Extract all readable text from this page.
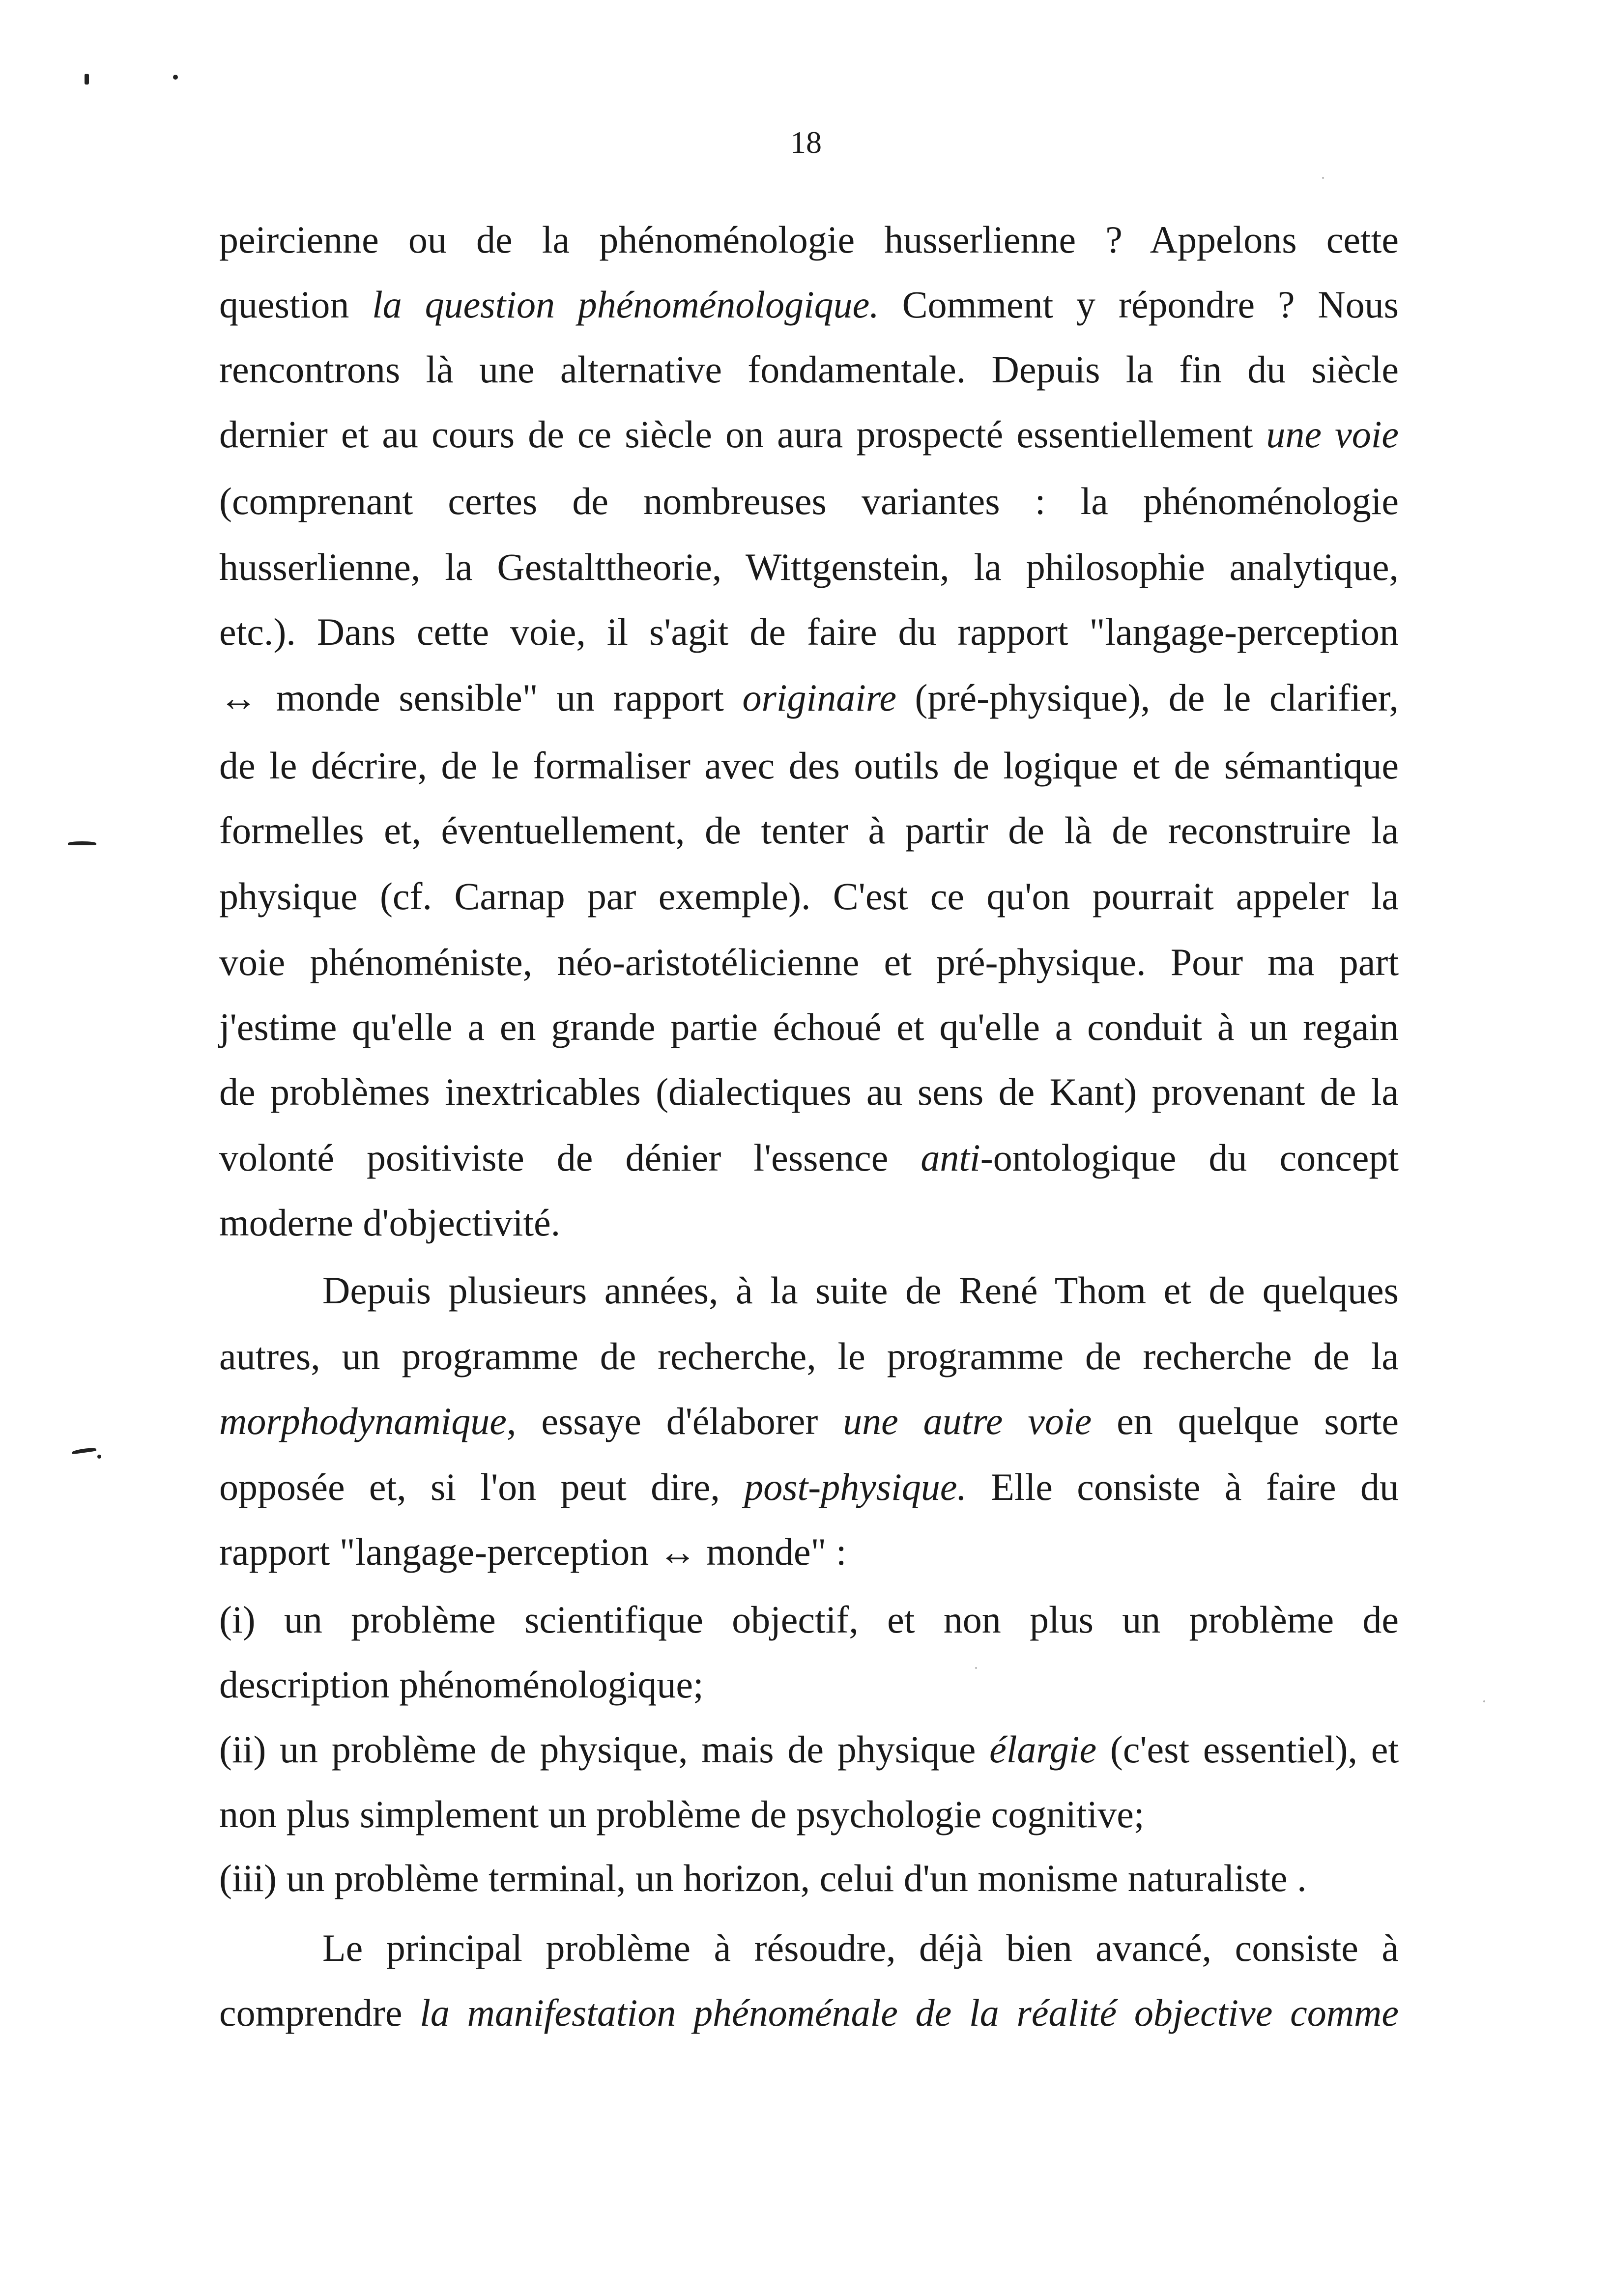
18
peircienne ou de la phénoménologie husserlienne ? Appelons cette
question la question phénoménologique. Comment y répondre ? Nous
rencontrons là une alternative fondamentale. Depuis la fin du siècle
dernier et au cours de ce siècle on aura prospecté essentiellement une voie
(comprenant certes de nombreuses variantes : la phénoménologie
husserlienne, la Gestalttheorie, Wittgenstein, la philosophie analytique,
etc.). Dans cette voie, il s'agit de faire du rapport "langage-perception
↔ monde sensible" un rapport originaire (pré-physique), de le clarifier,
de le décrire, de le formaliser avec des outils de logique et de sémantique
formelles et, éventuellement, de tenter à partir de là de reconstruire la
physique (cf. Carnap par exemple). C'est ce qu'on pourrait appeler la
voie phénoméniste, néo-aristotélicienne et pré-physique. Pour ma part
j'estime qu'elle a en grande partie échoué et qu'elle a conduit à un regain
de problèmes inextricables (dialectiques au sens de Kant) provenant de la
volonté positiviste de dénier l'essence anti-ontologique du concept
moderne d'objectivité.
Depuis plusieurs années, à la suite de René Thom et de quelques
autres, un programme de recherche, le programme de recherche de la
morphodynamique, essaye d'élaborer une autre voie en quelque sorte
opposée et, si l'on peut dire, post-physique. Elle consiste à faire du
rapport "langage-perception ↔ monde" :
(i) un problème scientifique objectif, et non plus un problème de
description phénoménologique;
(ii) un problème de physique, mais de physique élargie (c'est essentiel), et
non plus simplement un problème de psychologie cognitive;
(iii) un problème terminal, un horizon, celui d'un monisme naturaliste .
Le principal problème à résoudre, déjà bien avancé, consiste à
comprendre la manifestation phénoménale de la réalité objective comme
